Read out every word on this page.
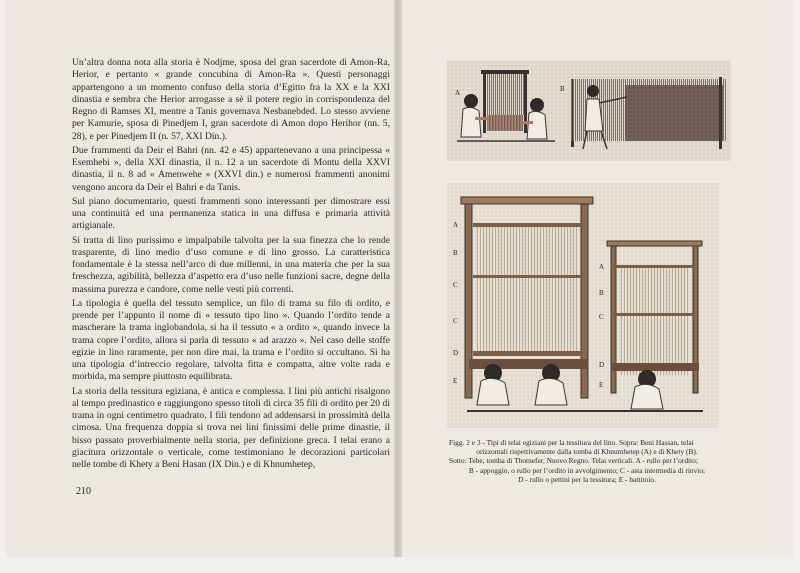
Un’altra donna nota alla storia è Nodjme, sposa del gran sacerdote di Amon-Ra, Herior, e pertanto « grande concubina di Amon-Ra ». Questi personaggi appartengono a un momento confuso della storia d’Egitto fra la XX e la XXI dinastia e sembra che Herior arrogasse a sè il potere regio in corrispondenza del Regno di Ramses XI, mentre a Tanis governava Nesbanebded. Lo stesso avviene per Kamurie, sposa di Pinedjem I, gran sacerdote di Amon dopo Herihor (nn. 5, 28), e per Pinedjem II (n. 57, XXI Din.).

Due frammenti da Deir el Bahri (nn. 42 e 45) appartenevano a una principessa « Esemhebi », della XXI dinastia, il n. 12 a un sacerdote di Montu della XXVI dinastia, il n. 8 ad « Amenwehe » (XXVI din.) e numerosi frammenti anonimi vengono ancora da Deir el Bahri e da Tanis.

Sul piano documentario, questi frammenti sono interessanti per dimostrare essi una continuità ed una permanenza statica in una diffusa e primaria attività artigianale.

Si tratta di lino purissimo e impalpabile talvolta per la sua finezza che lo rende trasparente, di lino medio d’uso comune e di lino grosso. La caratteristica fondamentale è la stessa nell’arco di due millenni, in una materia che per la sua freschezza, agibilità, bellezza d’aspetto era d’uso nelle funzioni sacre, degne della massima purezza e candore, come nelle vesti più correnti.

La tipologia è quella del tessuto semplice, un filo di trama su filo di ordito, e prende per l’appunto il nome di « tessuto tipo lino ». Quando l’ordito tende a mascherare la trama inglobandola, si ha il tessuto « a ordito », quando invece la trama copre l’ordito, allora si parla di tessuto « ad arazzo ». Nel caso delle stoffe egizie in lino raramente, per non dire mai, la trama e l’ordito si occultano. Si ha una tipologia d’intreccio regolare, talvolta fitta e compatta, altre volte rada e morbida, ma sempre piuttosto equilibrata.

La storia della tessitura egiziana, è antica e complessa. I lini più antichi risalgono al tempo predinastico e raggiungono spesso titoli di circa 35 fili di ordito per 20 di trama in ogni centimetro quadrato. I fili tendono ad addensarsi in prossimità della cimosa. Una frequenza doppia si trova nei lini finissimi delle prime dinastie, il bisso passato proverbialmente nella storia, per definizione greca. I telai erano a giacitura orizzontale o verticale, come testimoniano le decorazioni particolari nelle tombe di Khety a Beni Hasan (IX Din.) e di Khnumhetep,

210
A	B
A
B
C
C
D
E
A
B
C
D
E
Figg. 2 e 3 - Tipi di telai egiziani per la tessitura del lino. Sopra: Beni Hassan, telai
orizzontali rispettivamente dalla tomba di Khnumhetep (A) e di Khety (B).
Sotto: Tebe, tomba di Thotnefer, Nuovo Regno. Telai verticali. A - rullo per l’ordito;
B - appoggio, o rullo per l’ordito in avvolgimento; C - asta intermedia di rinvio;
D - rullo o pettini per la tessitura; E - battitoio.
